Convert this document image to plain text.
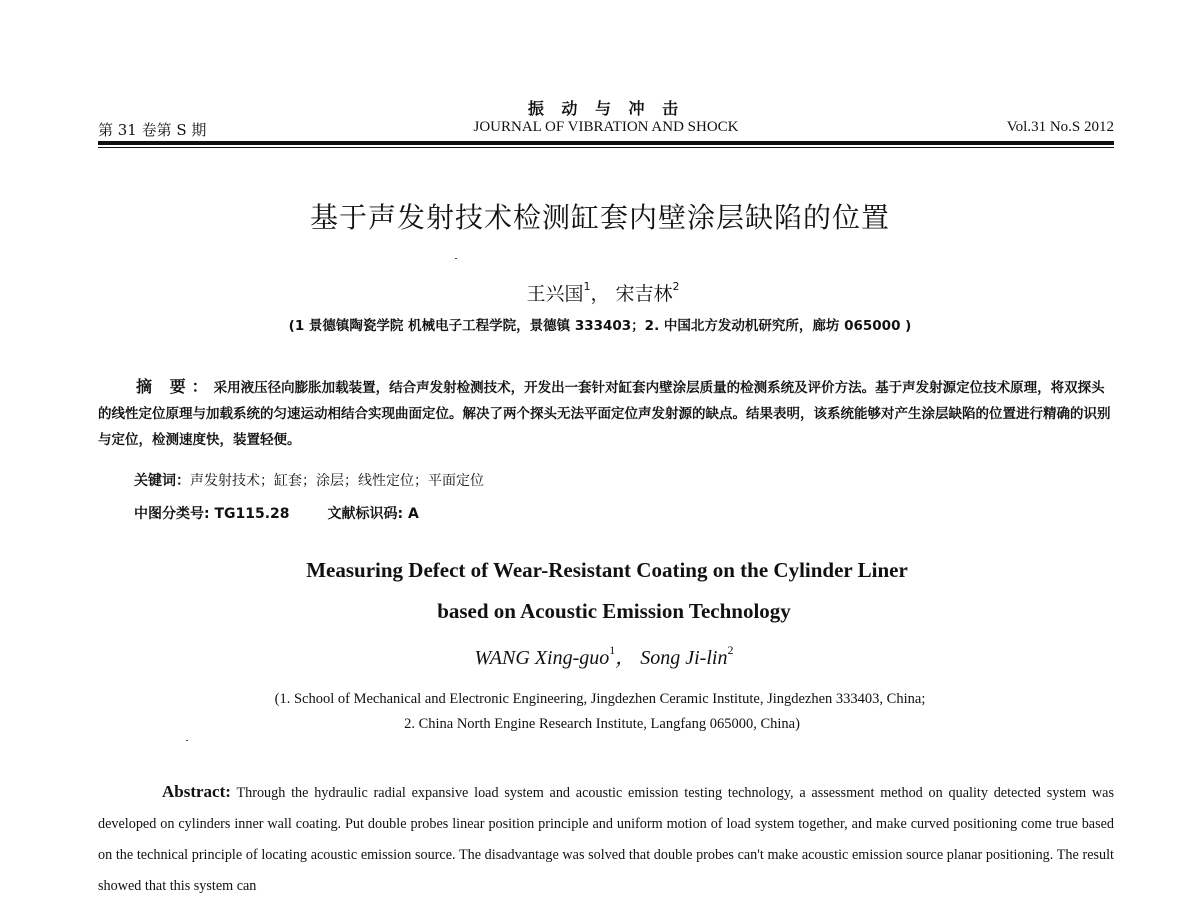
振 动 与 冲 击
第 31 卷第 S 期	JOURNAL OF VIBRATION AND SHOCK	Vol.31 No.S 2012
基于声发射技术检测缸套内壁涂层缺陷的位置
王兴国$^1$， 宋吉林$^2$
(1 景德镇陶瓷学院 机械电子工程学院，景德镇 333403；2. 中国北方发动机研究所，廊坊 065000 )
摘 要：采用液压径向膨胀加载装置，结合声发射检测技术，开发出一套针对缸套内壁涂层质量的检测系统及评价方法。基于声发射源定位技术原理，将双探头的线性定位原理与加载系统的匀速运动相结合实现曲面定位。解决了两个探头无法平面定位声发射源的缺点。结果表明，该系统能够对产生涂层缺陷的位置进行精确的识别与定位，检测速度快，装置轻便。
关键词：声发射技术；缸套；涂层；线性定位；平面定位
中图分类号: TG115.28	文献标识码: A
Measuring Defect of Wear-Resistant Coating on the Cylinder Liner
based on Acoustic Emission Technology
WANG Xing-guo$^1$， Song Ji-lin$^2$
(1. School of Mechanical and Electronic Engineering, Jingdezhen Ceramic Institute, Jingdezhen 333403, China;
2. China North Engine Research Institute, Langfang 065000, China)
Abstract: Through the hydraulic radial expansive load system and acoustic emission testing technology, a assessment method on quality detected system was developed on cylinders inner wall coating. Put double probes linear position principle and uniform motion of load system together, and make curved positioning come true based on the technical principle of locating acoustic emission source. The disadvantage was solved that double probes can't make acoustic emission source planar positioning. The result showed that this system can
